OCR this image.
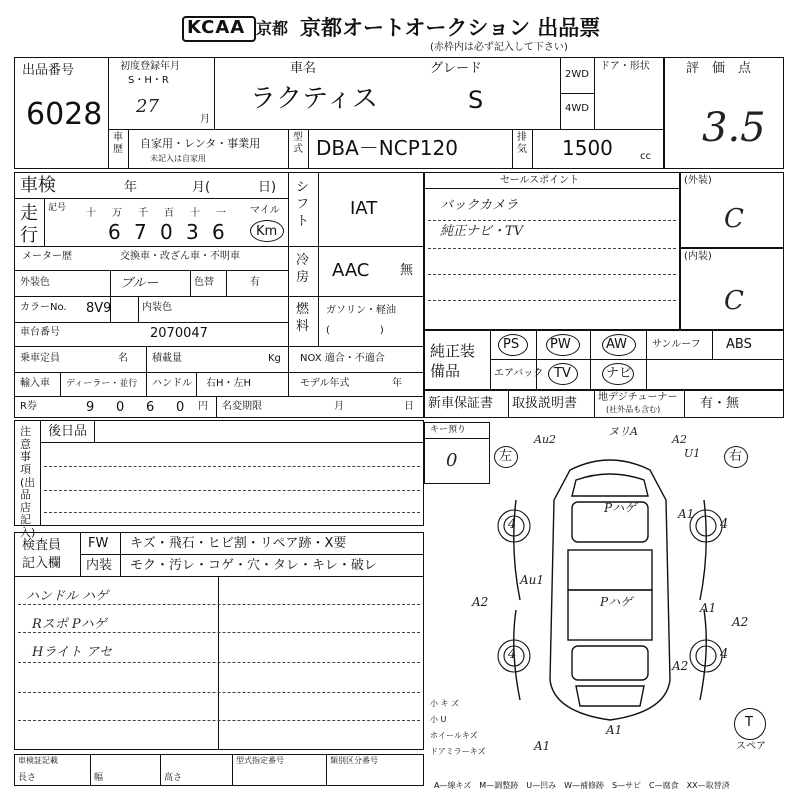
KCAA 京都 京都オートオークション 出品票
(赤枠内は必ず記入して下さい)
出品番号
6028
初度登録年月
S・H・R
27
月
車名
ラクティス
グレード
S
2WD
4WD
ドア・形状	評　価　点
3.5
車歴 自家用・レンタ・事業用
未記入は自家用
型式 DBA－NCP120	排気 1500	cc
車検	年	月(	日)
走行
記号 十 万 千 百 十 一
6 7 0 3 6
マイル
Km
メーター歴	交換車・改ざん車・不明車
外装色	ブルー	色替	有
カラーNo. 8V9	内装色
車台番号	2070047
乗車定員	名 積載量	Kg NOX 適合・不適合
輸入車 ディーラー・並行 ハンドル 右H・左H	モデル年式	年
R券	9 0 6 0 円 名変期限	月	日
シフト
IAT
冷房 AAC 無
燃料
ガソリン・軽油
(　　　　　)
セールスポイント
バックカメラ
純正ナビ・TV
(外装)
C
(内装)
C
純正装備品
PS PW	AW サンルーフ ABS
エアバック TV	ナビ
新車保証書 取扱説明書 地デジチューナー
(社外品も含む)	有・無
注意事項(出品店記入)
後日品
検査員記入欄
FW キズ・飛石・ヒビ割・リペア跡・X要
内装 モク・汚レ・コゲ・穴・タレ・キレ・破レ
ハンドル ハゲ
Rスポ Pハゲ
Hライト アセ
キー預り
0	左	右
4	4
4	4
Au2
ヌリA
A2
U1
Pハゲ	A1
Au1
A2	Pハゲ	A1
A2
A2
A1
A1
小 キ ズ
小 U
ホイールキズ
ドアミラーキズ
T
スペア
A—線キズ　M—調整跡　U—凹み　W—補修跡　S—サビ　C—腐食　XX—取替済
車検証記載
長さ	幅	高さ
型式指定番号	類別区分番号
